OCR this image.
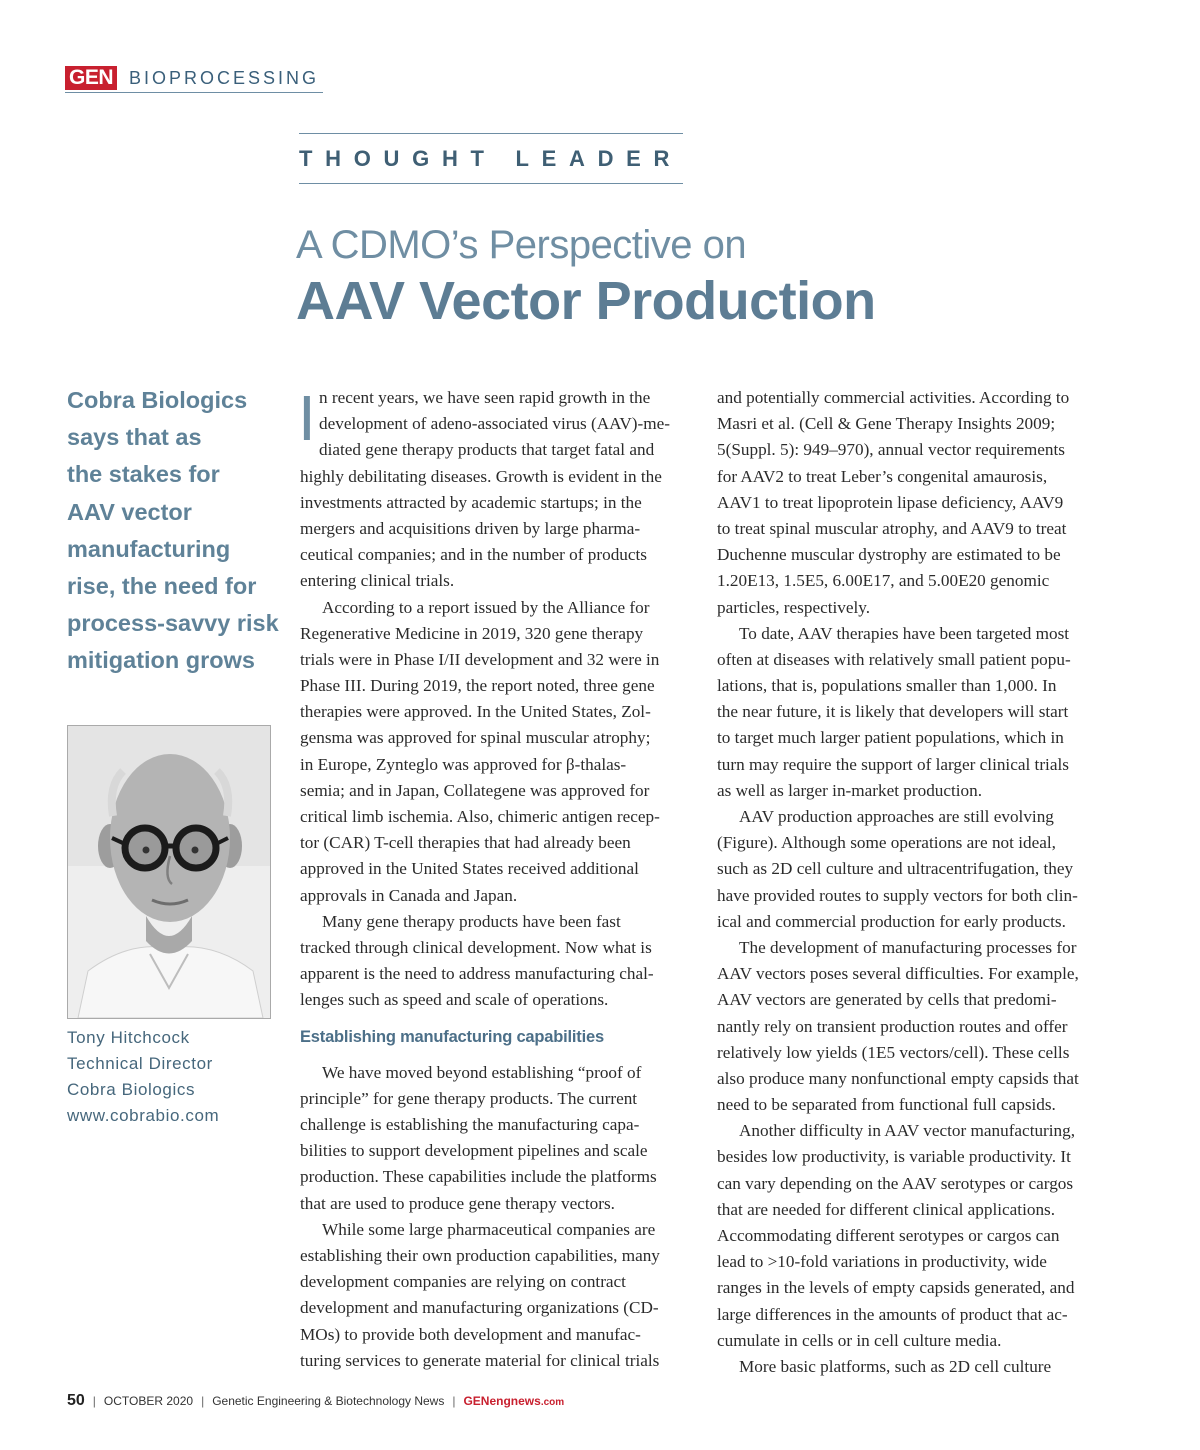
GEN BIOPROCESSING
THOUGHT LEADER
A CDMO’s Perspective on
AAV Vector Production
Cobra Biologics
says that as
the stakes for
AAV vector
manufacturing
rise, the need for
process-savvy risk
mitigation grows
Tony Hitchcock
Technical Director
Cobra Biologics
www.cobrabio.com
I n recent years, we have seen rapid growth in the
development of adeno-associated virus (AAV)-me-
diated gene therapy products that target fatal and
highly debilitating diseases. Growth is evident in the
investments attracted by academic startups; in the
mergers and acquisitions driven by large pharma-
ceutical companies; and in the number of products
entering clinical trials.
According to a report issued by the Alliance for
Regenerative Medicine in 2019, 320 gene therapy
trials were in Phase I/II development and 32 were in
Phase III. During 2019, the report noted, three gene
therapies were approved. In the United States, Zol-
gensma was approved for spinal muscular atrophy;
in Europe, Zynteglo was approved for β-thalas-
semia; and in Japan, Collategene was approved for
critical limb ischemia. Also, chimeric antigen recep-
tor (CAR) T-cell therapies that had already been
approved in the United States received additional
approvals in Canada and Japan.
Many gene therapy products have been fast
tracked through clinical development. Now what is
apparent is the need to address manufacturing chal-
lenges such as speed and scale of operations.
Establishing manufacturing capabilities
We have moved beyond establishing “proof of
principle” for gene therapy products. The current
challenge is establishing the manufacturing capa-
bilities to support development pipelines and scale
production. These capabilities include the platforms
that are used to produce gene therapy vectors.
While some large pharmaceutical companies are
establishing their own production capabilities, many
development companies are relying on contract
development and manufacturing organizations (CD-
MOs) to provide both development and manufac-
turing services to generate material for clinical trials
and potentially commercial activities. According to
Masri et al. (Cell & Gene Therapy Insights 2009;
5(Suppl. 5): 949–970), annual vector requirements
for AAV2 to treat Leber’s congenital amaurosis,
AAV1 to treat lipoprotein lipase deficiency, AAV9
to treat spinal muscular atrophy, and AAV9 to treat
Duchenne muscular dystrophy are estimated to be
1.20E13, 1.5E5, 6.00E17, and 5.00E20 genomic
particles, respectively.
To date, AAV therapies have been targeted most
often at diseases with relatively small patient popu-
lations, that is, populations smaller than 1,000. In
the near future, it is likely that developers will start
to target much larger patient populations, which in
turn may require the support of larger clinical trials
as well as larger in-market production.
AAV production approaches are still evolving
(Figure). Although some operations are not ideal,
such as 2D cell culture and ultracentrifugation, they
have provided routes to supply vectors for both clin-
ical and commercial production for early products.
The development of manufacturing processes for
AAV vectors poses several difficulties. For example,
AAV vectors are generated by cells that predomi-
nantly rely on transient production routes and offer
relatively low yields (1E5 vectors/cell). These cells
also produce many nonfunctional empty capsids that
need to be separated from functional full capsids.
Another difficulty in AAV vector manufacturing,
besides low productivity, is variable productivity. It
can vary depending on the AAV serotypes or cargos
that are needed for different clinical applications.
Accommodating different serotypes or cargos can
lead to >10-fold variations in productivity, wide
ranges in the levels of empty capsids generated, and
large differences in the amounts of product that ac-
cumulate in cells or in cell culture media.
More basic platforms, such as 2D cell culture
50 | OCTOBER 2020 | Genetic Engineering & Biotechnology News | GENengnews.com
